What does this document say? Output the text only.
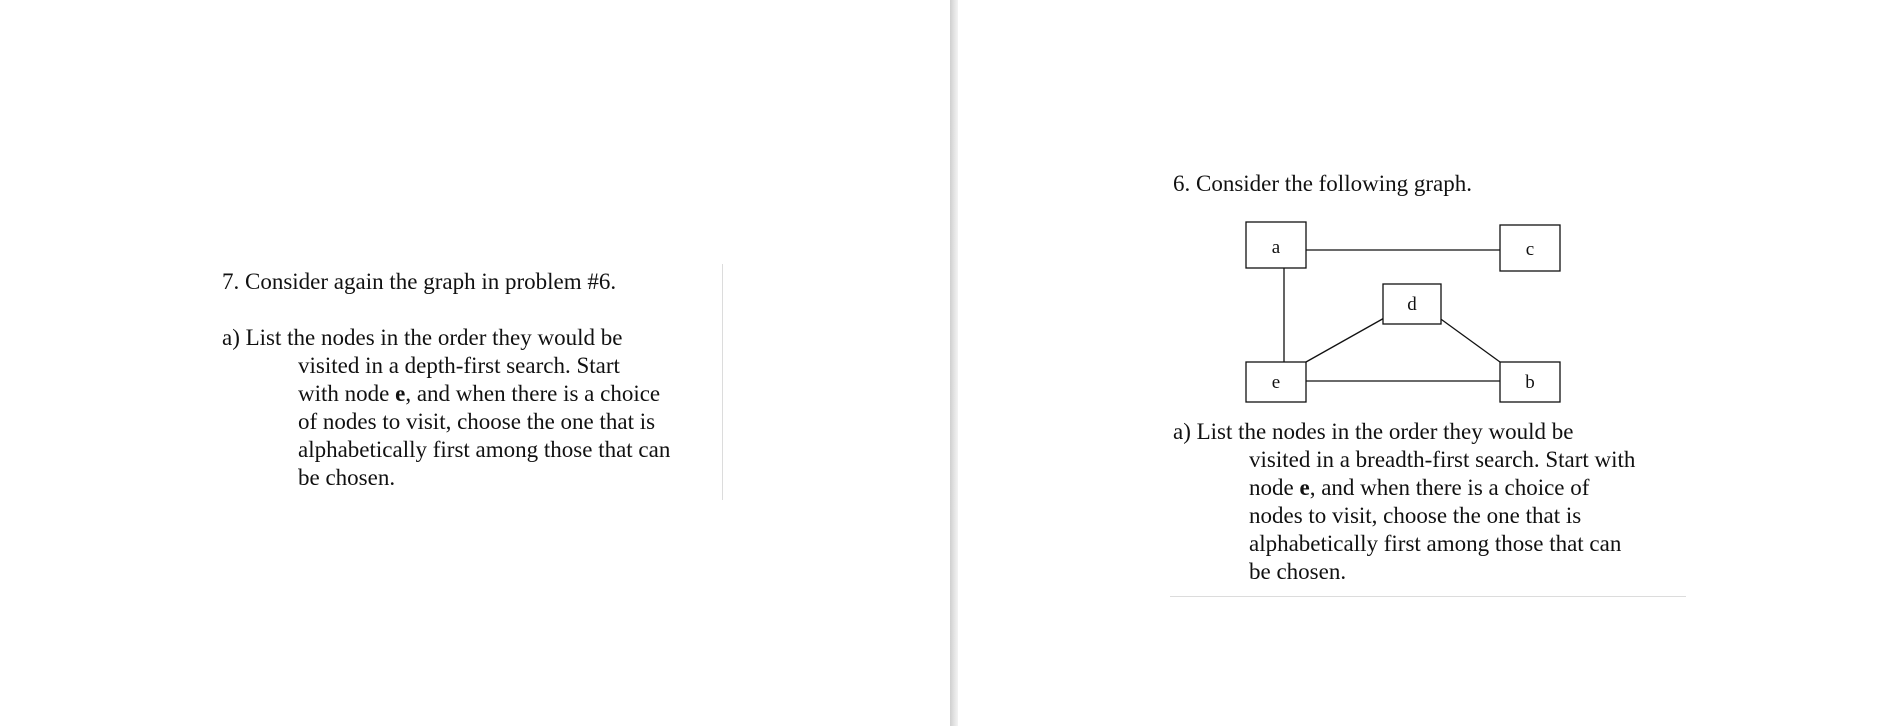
7. Consider again the graph in problem #6.
a) List the nodes in the order they would be
visited in a depth-first search. Start
with node e, and when there is a choice
of nodes to visit, choose the one that is
alphabetically first among those that can
be chosen.
6. Consider the following graph.
a	c
d
e	b
a) List the nodes in the order they would be
visited in a breadth-first search. Start with
node e, and when there is a choice of
nodes to visit, choose the one that is
alphabetically first among those that can
be chosen.
